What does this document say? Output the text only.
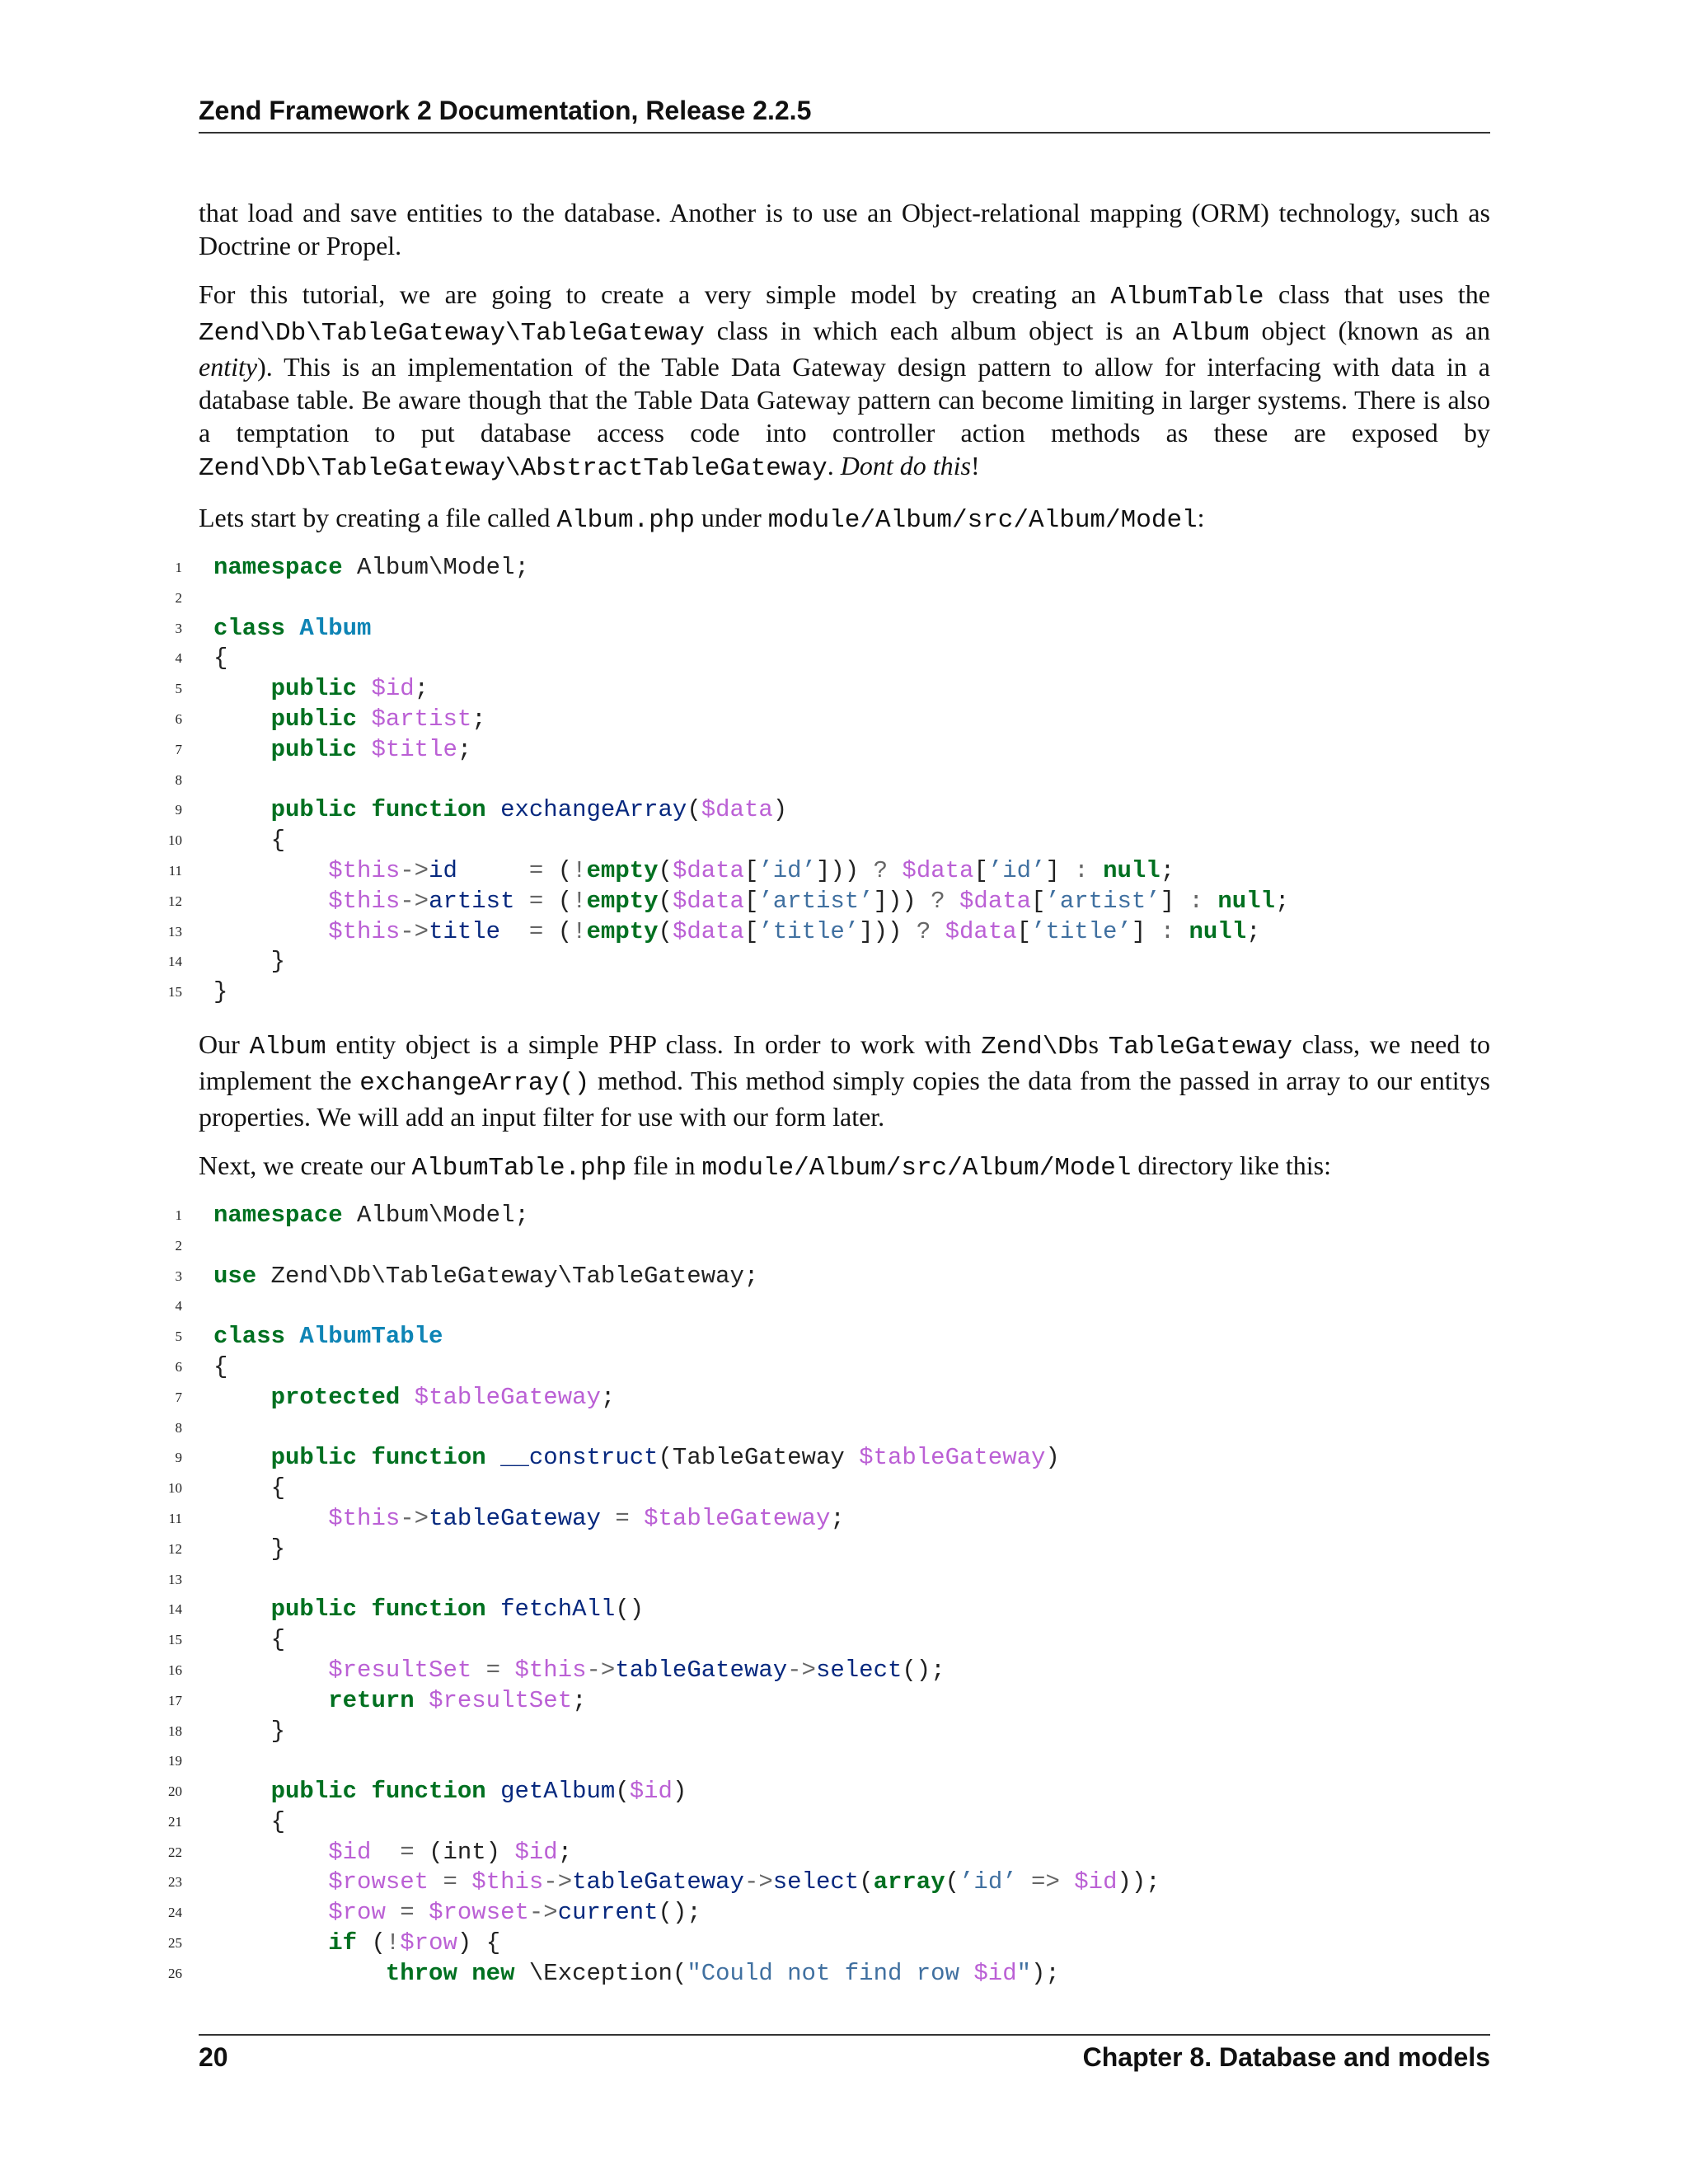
Zend Framework 2 Documentation, Release 2.2.5

that load and save entities to the database. Another is to use an Object-relational mapping (ORM) technology, such as Doctrine or Propel.

For this tutorial, we are going to create a very simple model by creating an AlbumTable class that uses the Zend\Db\TableGateway\TableGateway class in which each album object is an Album object (known as an entity). This is an implementation of the Table Data Gateway design pattern to allow for interfacing with data in a database table. Be aware though that the Table Data Gateway pattern can become limiting in larger systems. There is also a temptation to put database access code into controller action methods as these are exposed by Zend\Db\TableGateway\AbstractTableGateway. Dont do this!

Lets start by creating a file called Album.php under module/Album/src/Album/Model:

1 namespace Album\Model;
2
3 class Album
4 {
5	public $id;
6	public $artist;
7	public $title;
8
9	public function exchangeArray($data)
10 {
11	$this->id	= (!empty($data[’id’])) ? $data[’id’] : null;
12	$this->artist = (!empty($data[’artist’])) ? $data[’artist’] : null;
13	$this->title = (!empty($data[’title’])) ? $data[’title’] : null;
14 }
15 }

Our Album entity object is a simple PHP class. In order to work with Zend\Dbs TableGateway class, we need to implement the exchangeArray() method. This method simply copies the data from the passed in array to our entitys properties. We will add an input filter for use with our form later.

Next, we create our AlbumTable.php file in module/Album/src/Album/Model directory like this:

1 namespace Album\Model;
2
3 use Zend\Db\TableGateway\TableGateway;
4
5 class AlbumTable
6 {
7	protected $tableGateway;
8
9	public function __construct(TableGateway $tableGateway)
10 {
11	$this->tableGateway = $tableGateway;
12 }
13
14	public function fetchAll()
15 {
16	$resultSet = $this->tableGateway->select();
17	return $resultSet;
18 }
19
20	public function getAlbum($id)
21 {
22	$id = (int) $id;
23	$rowset = $this->tableGateway->select(array(’id’ => $id));
24	$row = $rowset->current();
25	if (!$row) {
26	throw new \Exception("Could not find row $id");
20	Chapter 8. Database and models
